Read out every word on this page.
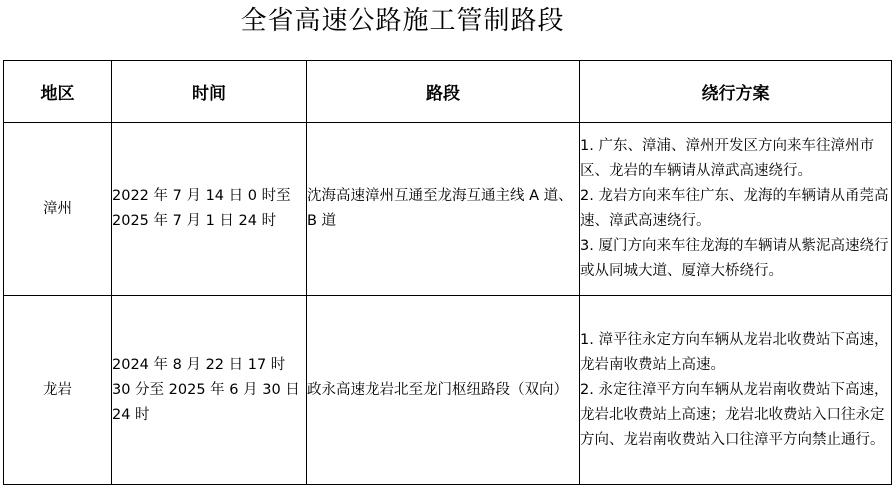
全省高速公路施工管制路段
地区	时间	路段	绕行方案
漳州	2022 年 7 月 14 日 0 时至 2025 年 7 月 1 日 24 时	沈海高速漳州互通至龙海互通主线 A 道、B 道	1. 广东、漳浦、漳州开发区方向来车往漳州市区、龙岩的车辆请从漳武高速绕行。
2. 龙岩方向来车往广东、龙海的车辆请从甬莞高速、漳武高速绕行。
3. 厦门方向来车往龙海的车辆请从紫泥高速绕行或从同城大道、厦漳大桥绕行。

龙岩	2024 年 8 月 22 日 17 时 30 分至 2025 年 6 月 30 日 24 时	政永高速龙岩北至龙门枢纽路段（双向）	1. 漳平往永定方向车辆从龙岩北收费站下高速，龙岩南收费站上高速。
2. 永定往漳平方向车辆从龙岩南收费站下高速，龙岩北收费站上高速；龙岩北收费站入口往永定方向、龙岩南收费站入口往漳平方向禁止通行。
